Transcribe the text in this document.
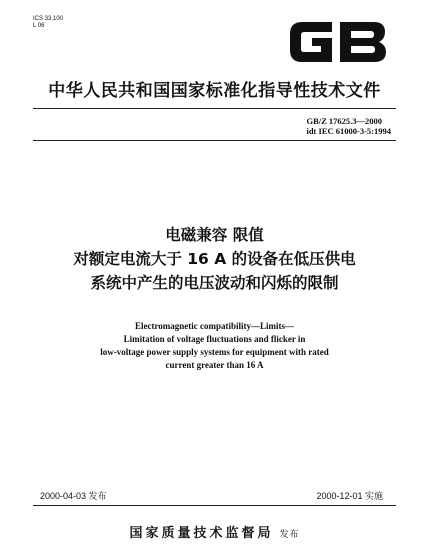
ICS 33.100
L 06
中华人民共和国国家标准化指导性技术文件
GB/Z 17625.3—2000
idt IEC 61000-3-5:1994
电磁兼容 限值
对额定电流大于 16 A 的设备在低压供电
系统中产生的电压波动和闪烁的限制
Electromagnetic compatibility—Limits—
Limitation of voltage fluctuations and flicker in
low-voltage power supply systems for equipment with rated
current greater than 16 A
2000-04-03 发布	2000-12-01 实施
国家质量技术监督局 发布
